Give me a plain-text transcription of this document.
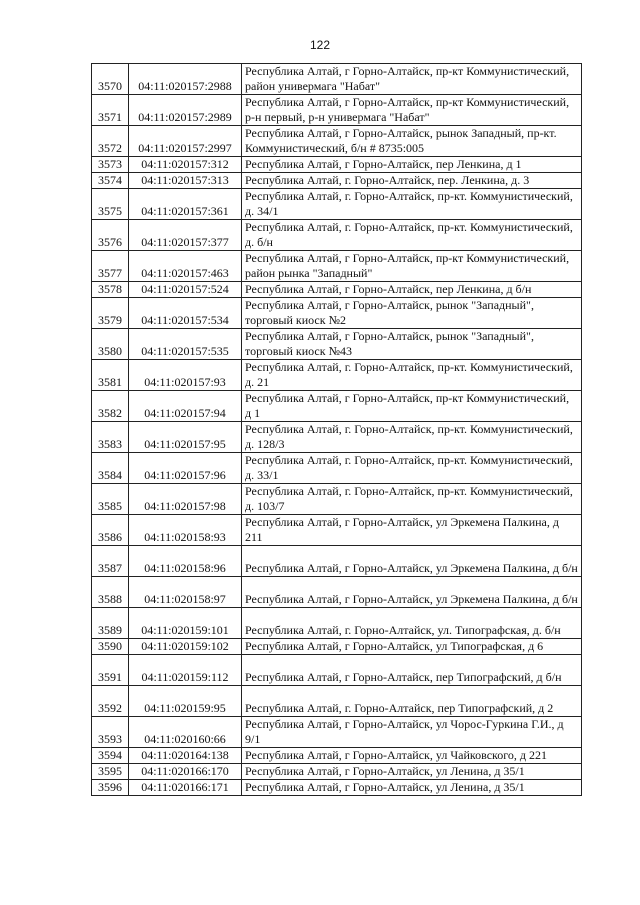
122
3570	04:11:020157:2988	Республика Алтай, г Горно-Алтайск, пр-кт Коммунистический, район универмага "Набат"
3571	04:11:020157:2989	Республика Алтай, г Горно-Алтайск, пр-кт Коммунистический, р-н первый, р-н универмага "Набат"
3572	04:11:020157:2997	Республика Алтай, г Горно-Алтайск, рынок Западный, пр-кт. Коммунистический, б/н # 8735:005
3573	04:11:020157:312	Республика Алтай, г Горно-Алтайск, пер Ленкина, д 1
3574	04:11:020157:313	Республика Алтай, г. Горно-Алтайск, пер. Ленкина, д. 3
3575	04:11:020157:361	Республика Алтай, г. Горно-Алтайск, пр-кт. Коммунистический, д. 34/1
3576	04:11:020157:377	Республика Алтай, г. Горно-Алтайск, пр-кт. Коммунистический, д. б/н
3577	04:11:020157:463	Республика Алтай, г Горно-Алтайск, пр-кт Коммунистический, район рынка "Западный"
3578	04:11:020157:524	Республика Алтай, г Горно-Алтайск, пер Ленкина, д б/н
3579	04:11:020157:534	Республика Алтай, г Горно-Алтайск, рынок "Западный", торговый киоск №2
3580	04:11:020157:535	Республика Алтай, г Горно-Алтайск, рынок "Западный", торговый киоск №43
3581	04:11:020157:93	Республика Алтай, г. Горно-Алтайск, пр-кт. Коммунистический, д. 21
3582	04:11:020157:94	Республика Алтай, г Горно-Алтайск, пр-кт Коммунистический, д 1
3583	04:11:020157:95	Республика Алтай, г. Горно-Алтайск, пр-кт. Коммунистический, д. 128/3
3584	04:11:020157:96	Республика Алтай, г. Горно-Алтайск, пр-кт. Коммунистический, д. 33/1
3585	04:11:020157:98	Республика Алтай, г. Горно-Алтайск, пр-кт. Коммунистический, д. 103/7
3586	04:11:020158:93	Республика Алтай, г Горно-Алтайск, ул Эркемена Палкина, д 211
3587	04:11:020158:96	Республика Алтай, г Горно-Алтайск, ул Эркемена Палкина, д б/н
3588	04:11:020158:97	Республика Алтай, г Горно-Алтайск, ул Эркемена Палкина, д б/н
3589	04:11:020159:101	Республика Алтай, г. Горно-Алтайск, ул. Типографская, д. б/н
3590	04:11:020159:102	Республика Алтай, г Горно-Алтайск, ул Типографская, д 6
3591	04:11:020159:112	Республика Алтай, г Горно-Алтайск, пер Типографский, д б/н
3592	04:11:020159:95	Республика Алтай, г. Горно-Алтайск, пер Типографский, д 2
3593	04:11:020160:66	Республика Алтай, г Горно-Алтайск, ул Чорос-Гуркина Г.И., д 9/1
3594	04:11:020164:138	Республика Алтай, г Горно-Алтайск, ул Чайковского, д 221
3595	04:11:020166:170	Республика Алтай, г Горно-Алтайск, ул Ленина, д 35/1
3596	04:11:020166:171	Республика Алтай, г Горно-Алтайск, ул Ленина, д 35/1
